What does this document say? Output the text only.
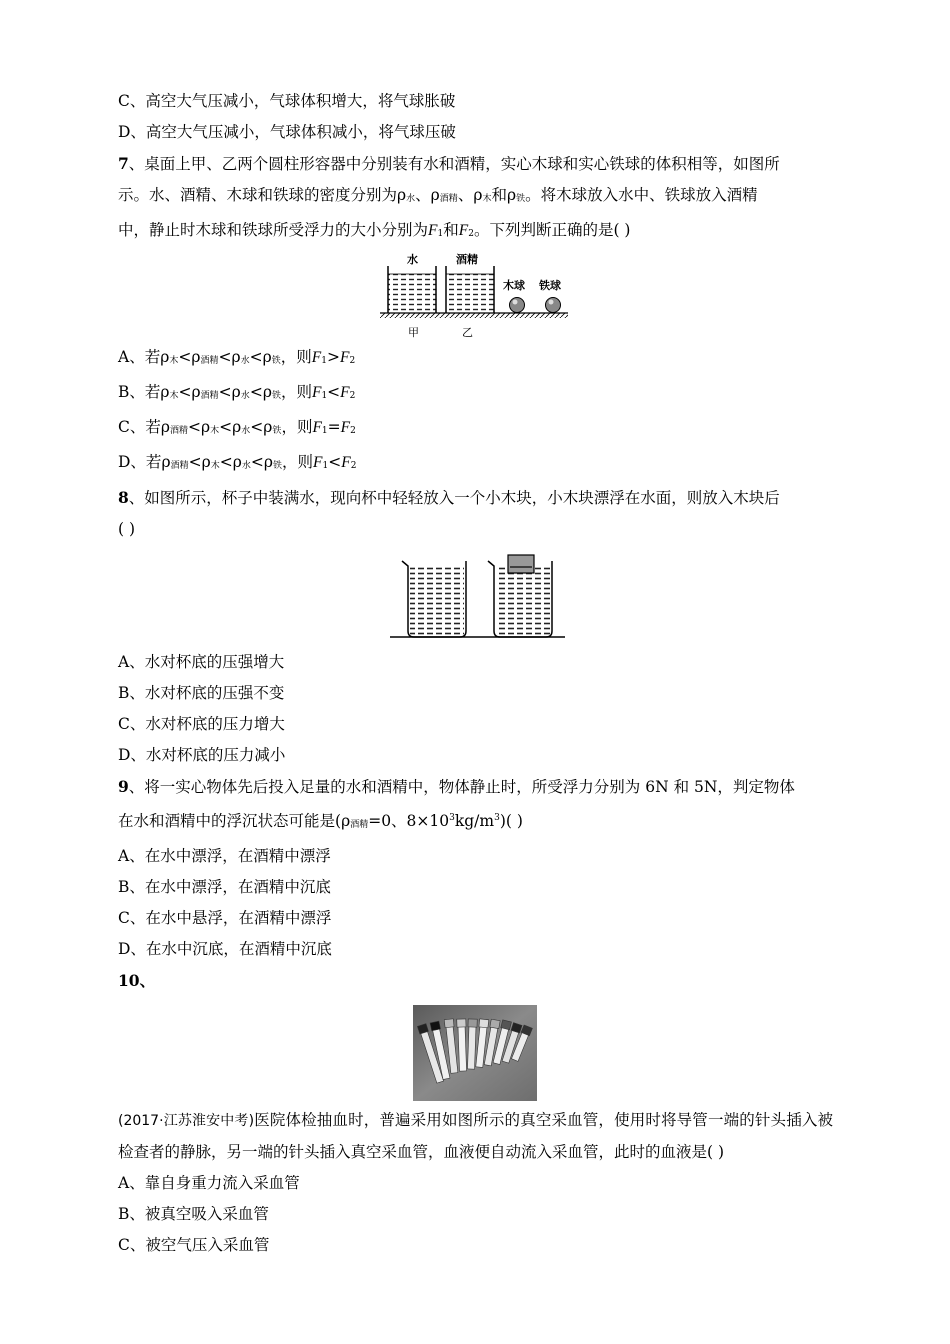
C、高空大气压减小，气球体积增大，将气球胀破
D、高空大气压减小，气球体积减小，将气球压破
7、桌面上甲、乙两个圆柱形容器中分别装有水和酒精，实心木球和实心铁球的体积相等，如图所
示。水、酒精、木球和铁球的密度分别为$\rho_水$、$\rho_{酒精}$、$\rho_木$和$\rho_铁$。将木球放入水中、铁球放入酒精
中，静止时木球和铁球所受浮力的大小分别为$F_1$和$F_2$。下列判断正确的是( )
水
甲
酒精
乙
木球 铁球
A、若$\rho_木<\rho_{酒精}<\rho_水<\rho_铁$，则$F_1>F_2$
B、若$\rho_木<\rho_{酒精}<\rho_水<\rho_铁$，则$F_1<F_2$
C、若$\rho_{酒精}<\rho_木<\rho_水<\rho_铁$，则$F_1=F_2$
D、若$\rho_{酒精}<\rho_木<\rho_水<\rho_铁$，则$F_1<F_2$
8、如图所示，杯子中装满水，现向杯中轻轻放入一个小木块，小木块漂浮在水面，则放入木块后
( )
A、水对杯底的压强增大
B、水对杯底的压强不变
C、水对杯底的压力增大
D、水对杯底的压力减小
9、将一实心物体先后投入足量的水和酒精中，物体静止时，所受浮力分别为 6N 和 5N，判定物体
在水和酒精中的浮沉状态可能是($\rho_{酒精}=0$、$8\times 10^3kg/m^3$)( )
A、在水中漂浮，在酒精中漂浮
B、在水中漂浮，在酒精中沉底
C、在水中悬浮，在酒精中漂浮
D、在水中沉底，在酒精中沉底
10、
(2017·江苏淮安中考)医院体检抽血时，普遍采用如图所示的真空采血管，使用时将导管一端的针头插入被检查者的静脉，另一端的针头插入真空采血管，血液便自动流入采血管，此时的血液是( )
A、靠自身重力流入采血管
B、被真空吸入采血管
C、被空气压入采血管
